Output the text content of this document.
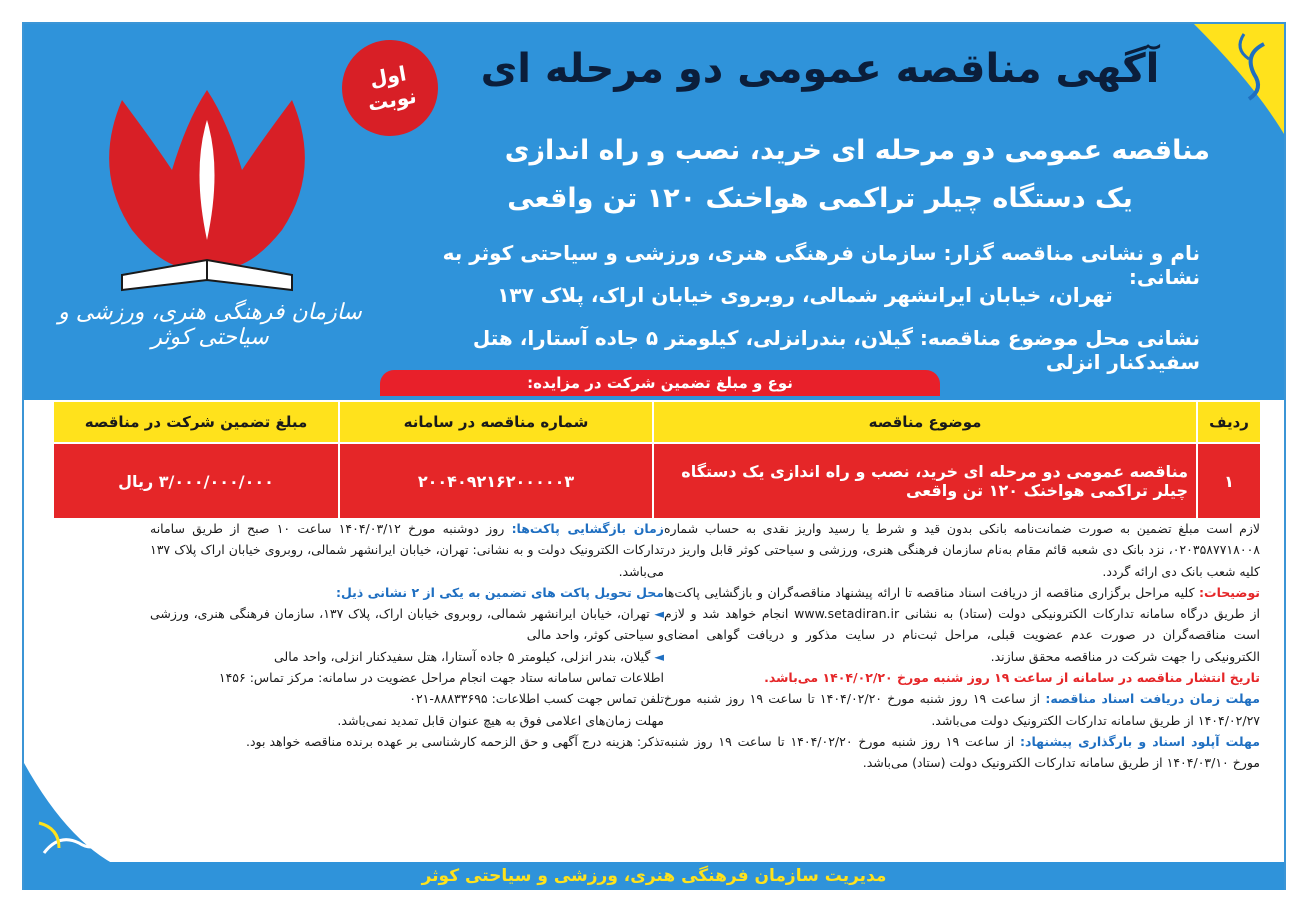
آگهی مناقصه عمومی دو مرحله ای
اول
نوبت
مناقصه عمومی دو مرحله ای خرید، نصب و راه اندازی
یک دستگاه چیلر تراکمی هواخنک ۱۲۰ تن واقعی
نام و نشانی مناقصه گزار: سازمان فرهنگی هنری، ورزشی و سیاحتی کوثر به نشانی:
تهران، خیابان ایرانشهر شمالی، روبروی خیابان اراک، پلاک ۱۳۷
نشانی محل موضوع مناقصه: گیلان، بندرانزلی، کیلومتر ۵ جاده آستارا، هتل سفیدکنار انزلی
سازمان فرهنگی هنری، ورزشی و سیاحتی کوثر
نوع و مبلغ تضمین شرکت در مزایده:
ردیف	موضوع مناقصه	شماره مناقصه در سامانه	مبلغ تضمین شرکت در مناقصه
۱	مناقصه عمومی دو مرحله ای خرید، نصب و راه اندازی یک دستگاه چیلر تراکمی هواخنک ۱۲۰ تن واقعی	۲۰۰۴۰۹۲۱۶۲۰۰۰۰۰۳	۳/۰۰۰/۰۰۰/۰۰۰ ریال

لازم است مبلغ تضمین به صورت ضمانت‌نامه بانکی بدون قید و شرط یا رسید واریز نقدی به حساب شماره ۰۲۰۳۵۸۷۷۱۸۰۰۸، نزد بانک دی شعبه قائم مقام به‌نام سازمان فرهنگی هنری، ورزشی و سیاحتی کوثر قابل واریز در کلیه شعب بانک دی ارائه گردد.

توضیحات: کلیه مراحل برگزاری مناقصه از دریافت اسناد مناقصه تا ارائه پیشنهاد مناقصه‌گران و بازگشایی پاکت‌ها از طریق درگاه سامانه تدارکات الکترونیکی دولت (ستاد) به نشانی www.setadiran.ir انجام خواهد شد و لازم است مناقصه‌گران در صورت عدم عضویت قبلی، مراحل ثبت‌نام در سایت مذکور و دریافت گواهی امضای الکترونیکی را جهت شرکت در مناقصه محقق سازند.

تاریخ انتشار مناقصه در سامانه از ساعت ۱۹ روز شنبه مورخ ۱۴۰۴/۰۲/۲۰ می‌باشد.

مهلت زمان دریافت اسناد مناقصه: از ساعت ۱۹ روز شنبه مورخ ۱۴۰۴/۰۲/۲۰ تا ساعت ۱۹ روز شنبه مورخ ۱۴۰۴/۰۲/۲۷ از طریق سامانه تدارکات الکترونیک دولت می‌باشد.

مهلت آپلود اسناد و بارگذاری پیشنهاد: از ساعت ۱۹ روز شنبه مورخ ۱۴۰۴/۰۲/۲۰ تا ساعت ۱۹ روز شنبه مورخ ۱۴۰۴/۰۳/۱۰ از طریق سامانه تدارکات الکترونیک دولت (ستاد) می‌باشد.

زمان بازگشایی پاکت‌ها: روز دوشنبه مورخ ۱۴۰۴/۰۳/۱۲ ساعت ۱۰ صبح از طریق سامانه تدارکات الکترونیک دولت و به نشانی: تهران، خیابان ایرانشهر شمالی، روبروی خیابان اراک پلاک ۱۳۷ می‌باشد.

محل تحویل پاکت های تضمین به یکی از ۲ نشانی ذیل:

◄ تهران، خیابان ایرانشهر شمالی، روبروی خیابان اراک، پلاک ۱۳۷، سازمان فرهنگی هنری، ورزشی و سیاحتی کوثر، واحد مالی

◄ گیلان، بندر انزلی، کیلومتر ۵ جاده آستارا، هتل سفیدکنار انزلی، واحد مالی

اطلاعات تماس سامانه ستاد جهت انجام مراحل عضویت در سامانه: مرکز تماس: ۱۴۵۶

تلفن تماس جهت کسب اطلاعات: ۸۸۸۳۳۶۹۵-۰۲۱

مهلت زمان‌های اعلامی فوق به هیچ عنوان قابل تمدید نمی‌باشد.

تذکر: هزینه درج آگهی و حق الزحمه کارشناسی بر عهده برنده مناقصه خواهد بود.

مدیریت سازمان فرهنگی هنری، ورزشی و سیاحتی کوثر
